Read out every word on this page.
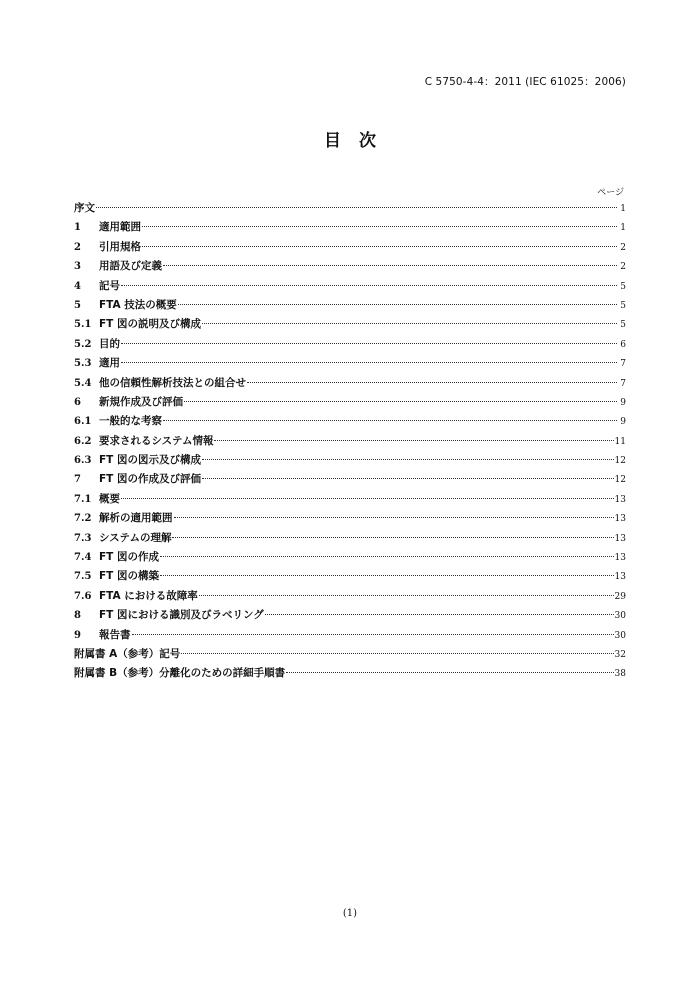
C 5750-4-4：2011 (IEC 61025：2006)
目次
ページ
序文	1
1	適用範囲	1
2	引用規格	2
3	用語及び定義	2
4	記号	5
5	FTA 技法の概要	5
5.1 FT 図の説明及び構成	5
5.2 目的	6
5.3 適用	7
5.4 他の信頼性解析技法との組合せ	7
6	新規作成及び評価	9
6.1 一般的な考察	9
6.2 要求されるシステム情報	11
6.3 FT 図の図示及び構成	12
7	FT 図の作成及び評価	12
7.1 概要	13
7.2 解析の適用範囲	13
7.3 システムの理解	13
7.4 FT 図の作成	13
7.5 FT 図の構築	13
7.6 FTA における故障率	29
8	FT 図における識別及びラベリング	30
9	報告書	30
附属書 A（参考）記号	32
附属書 B（参考）分離化のための詳細手順書	38
(1)
